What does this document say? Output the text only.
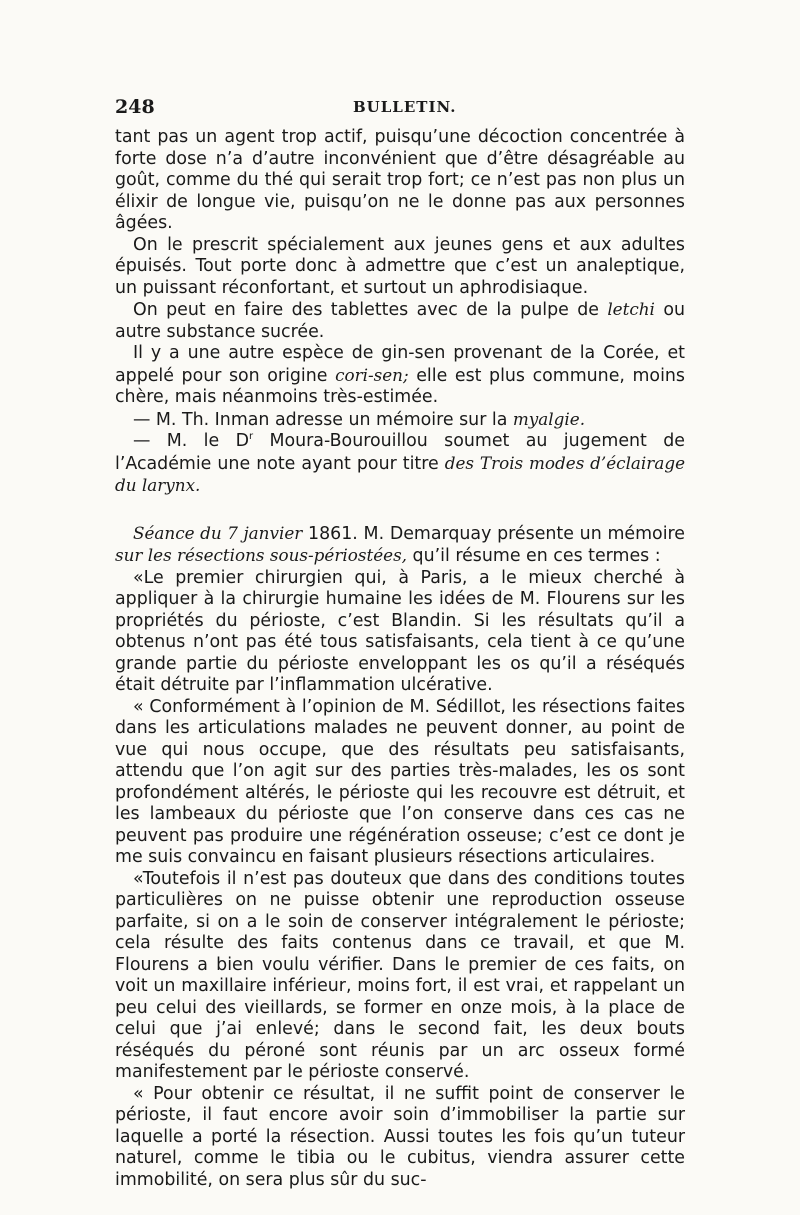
248	BULLETIN.

tant pas un agent trop actif, puisqu’une décoction concentrée à forte dose n’a d’autre inconvénient que d’être désagréable au goût, comme du thé qui serait trop fort; ce n’est pas non plus un élixir de longue vie, puisqu’on ne le donne pas aux personnes âgées.

On le prescrit spécialement aux jeunes gens et aux adultes épuisés. Tout porte donc à admettre que c’est un analeptique, un puissant réconfortant, et surtout un aphrodisiaque.

On peut en faire des tablettes avec de la pulpe de letchi ou autre substance sucrée.

Il y a une autre espèce de gin-sen provenant de la Corée, et appelé pour son origine cori-sen; elle est plus commune, moins chère, mais néanmoins très-estimée.

— M. Th. Inman adresse un mémoire sur la myalgie.

— M. le $D^r$ Moura-Bourouillou soumet au jugement de l’Académie une note ayant pour titre des Trois modes d’éclairage du larynx.

Séance du 7 janvier 1861. M. Demarquay présente un mémoire sur les résections sous-périostées, qu’il résume en ces termes :

«Le premier chirurgien qui, à Paris, a le mieux cherché à appliquer à la chirurgie humaine les idées de M. Flourens sur les propriétés du périoste, c’est Blandin. Si les résultats qu’il a obtenus n’ont pas été tous satisfaisants, cela tient à ce qu’une grande partie du périoste enveloppant les os qu’il a réséqués était détruite par l’inflammation ulcérative.

« Conformément à l’opinion de M. Sédillot, les résections faites dans les articulations malades ne peuvent donner, au point de vue qui nous occupe, que des résultats peu satisfaisants, attendu que l’on agit sur des parties très-malades, les os sont profondément altérés, le périoste qui les recouvre est détruit, et les lambeaux du périoste que l’on conserve dans ces cas ne peuvent pas produire une régénération osseuse; c’est ce dont je me suis convaincu en faisant plusieurs résections articulaires.

«Toutefois il n’est pas douteux que dans des conditions toutes particulières on ne puisse obtenir une reproduction osseuse parfaite, si on a le soin de conserver intégralement le périoste; cela résulte des faits contenus dans ce travail, et que M. Flourens a bien voulu vérifier. Dans le premier de ces faits, on voit un maxillaire inférieur, moins fort, il est vrai, et rappelant un peu celui des vieillards, se former en onze mois, à la place de celui que j’ai enlevé; dans le second fait, les deux bouts réséqués du péroné sont réunis par un arc osseux formé manifestement par le périoste conservé.

« Pour obtenir ce résultat, il ne suffit point de conserver le périoste, il faut encore avoir soin d’immobiliser la partie sur laquelle a porté la résection. Aussi toutes les fois qu’un tuteur naturel, comme le tibia ou le cubitus, viendra assurer cette immobilité, on sera plus sûr du suc-
